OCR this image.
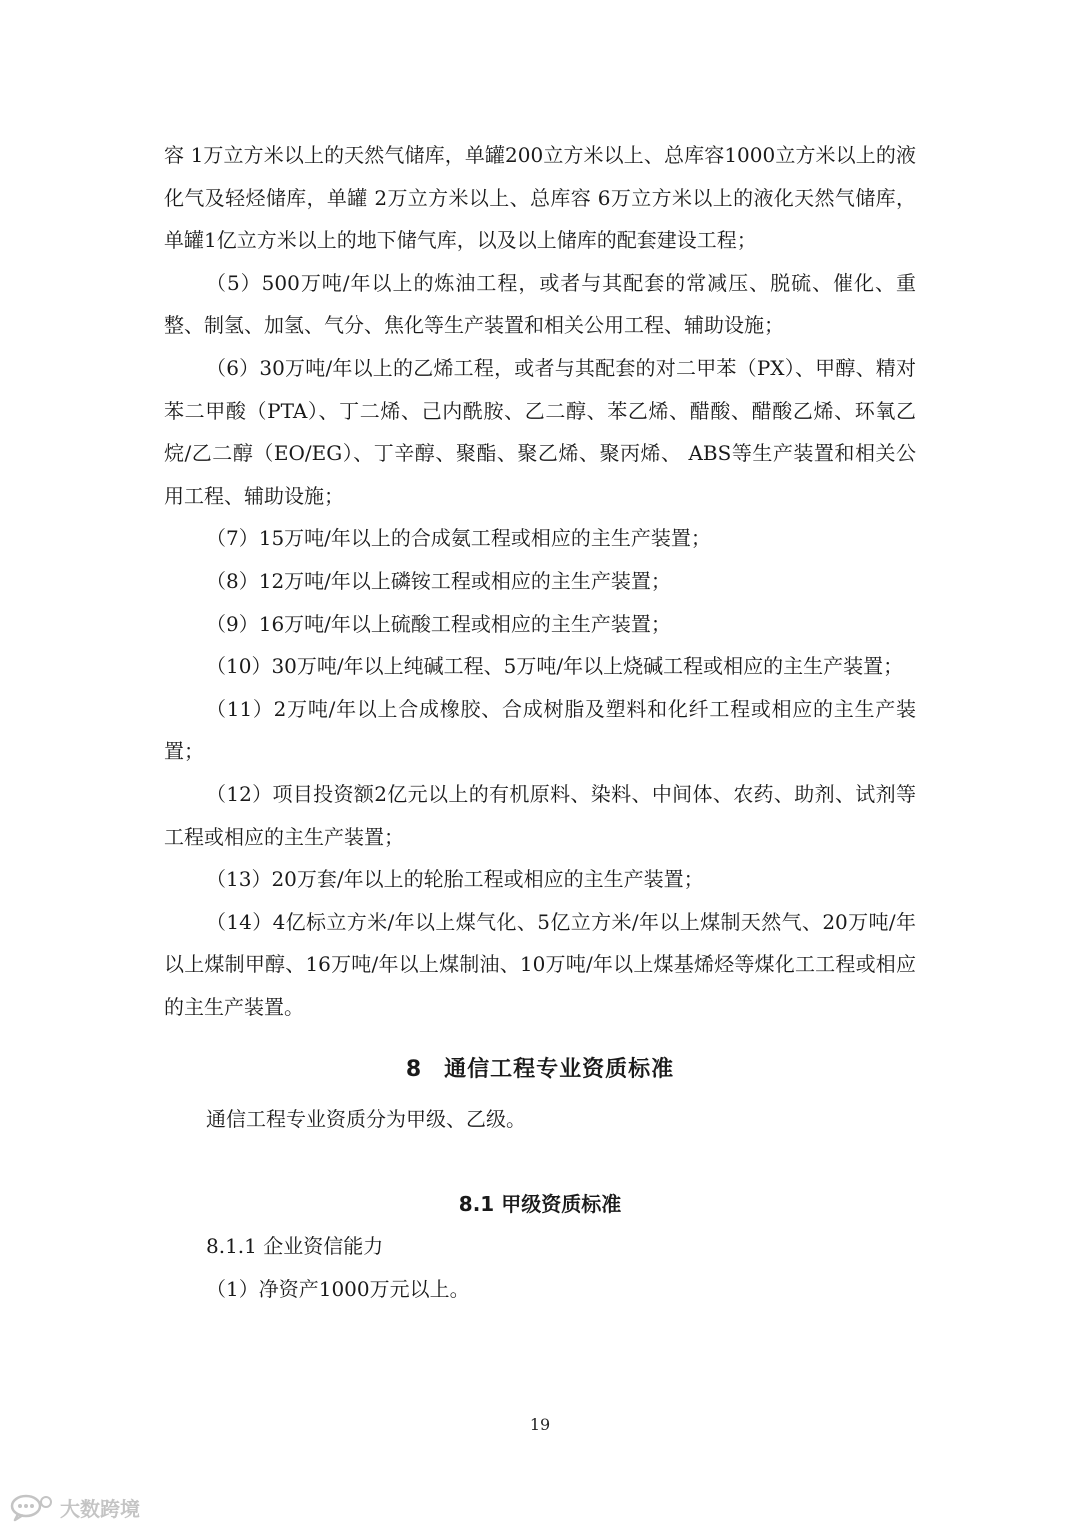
容 1万立方米以上的天然气储库，单罐200立方米以上、总库容1000立方米以上的液化气及轻烃储库，单罐 2万立方米以上、总库容 6万立方米以上的液化天然气储库，单罐1亿立方米以上的地下储气库，以及以上储库的配套建设工程；

（5）500万吨/年以上的炼油工程，或者与其配套的常减压、脱硫、催化、重整、制氢、加氢、气分、焦化等生产装置和相关公用工程、辅助设施；

（6）30万吨/年以上的乙烯工程，或者与其配套的对二甲苯（PX）、甲醇、精对苯二甲酸（PTA）、丁二烯、己内酰胺、乙二醇、苯乙烯、醋酸、醋酸乙烯、环氧乙烷/乙二醇（EO/EG）、丁辛醇、聚酯、聚乙烯、聚丙烯、 ABS等生产装置和相关公用工程、辅助设施；

（7）15万吨/年以上的合成氨工程或相应的主生产装置；

（8）12万吨/年以上磷铵工程或相应的主生产装置；

（9）16万吨/年以上硫酸工程或相应的主生产装置；

（10）30万吨/年以上纯碱工程、5万吨/年以上烧碱工程或相应的主生产装置；

（11）2万吨/年以上合成橡胶、合成树脂及塑料和化纤工程或相应的主生产装置；

（12）项目投资额2亿元以上的有机原料、染料、中间体、农药、助剂、试剂等工程或相应的主生产装置；

（13）20万套/年以上的轮胎工程或相应的主生产装置；

（14）4亿标立方米/年以上煤气化、5亿立方米/年以上煤制天然气、20万吨/年以上煤制甲醇、16万吨/年以上煤制油、10万吨/年以上煤基烯烃等煤化工工程或相应的主生产装置。

8 通信工程专业资质标准

通信工程专业资质分为甲级、乙级。

8.1 甲级资质标准

8.1.1 企业资信能力

（1）净资产1000万元以上。

19
大数跨境
